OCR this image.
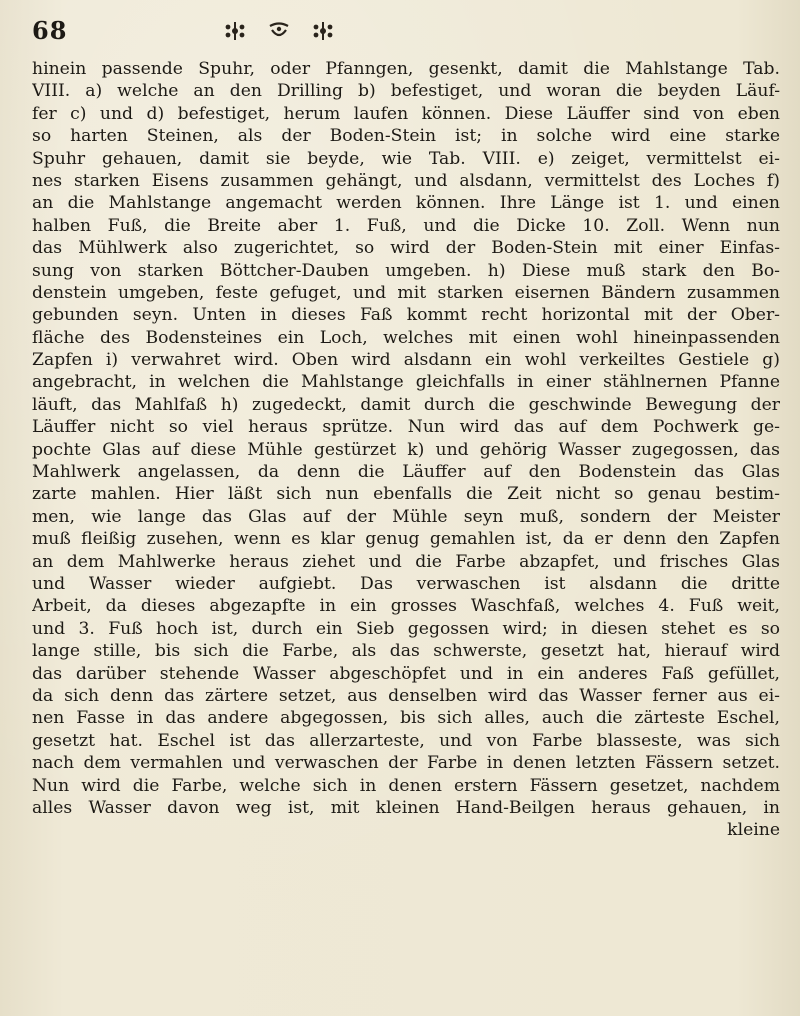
68
hinein passende Spuhr, oder Pfanngen, gesenkt, damit die Mahlstange Tab.
VIII. a) welche an den Drilling b) befestiget, und woran die beyden Läuf-
fer c) und d) befestiget, herum laufen können. Diese Läuffer sind von eben
so harten Steinen, als der Boden-Stein ist; in solche wird eine starke
Spuhr gehauen, damit sie beyde, wie Tab. VIII. e) zeiget, vermittelst ei-
nes starken Eisens zusammen gehängt, und alsdann, vermittelst des Loches f)
an die Mahlstange angemacht werden können. Ihre Länge ist 1. und einen
halben Fuß, die Breite aber 1. Fuß, und die Dicke 10. Zoll. Wenn nun
das Mühlwerk also zugerichtet, so wird der Boden-Stein mit einer Einfas-
sung von starken Böttcher-Dauben umgeben. h) Diese muß stark den Bo-
denstein umgeben, feste gefuget, und mit starken eisernen Bändern zusammen
gebunden seyn. Unten in dieses Faß kommt recht horizontal mit der Ober-
fläche des Bodensteines ein Loch, welches mit einen wohl hineinpassenden
Zapfen i) verwahret wird. Oben wird alsdann ein wohl verkeiltes Gestiele g)
angebracht, in welchen die Mahlstange gleichfalls in einer stählnernen Pfanne
läuft, das Mahlfaß h) zugedeckt, damit durch die geschwinde Bewegung der
Läuffer nicht so viel heraus sprütze. Nun wird das auf dem Pochwerk ge-
pochte Glas auf diese Mühle gestürzet k) und gehörig Wasser zugegossen, das
Mahlwerk angelassen, da denn die Läuffer auf den Bodenstein das Glas
zarte mahlen. Hier läßt sich nun ebenfalls die Zeit nicht so genau bestim-
men, wie lange das Glas auf der Mühle seyn muß, sondern der Meister
muß fleißig zusehen, wenn es klar genug gemahlen ist, da er denn den Zapfen
an dem Mahlwerke heraus ziehet und die Farbe abzapfet, und frisches Glas
und Wasser wieder aufgiebt. Das verwaschen ist alsdann die dritte
Arbeit, da dieses abgezapfte in ein grosses Waschfaß, welches 4. Fuß weit,
und 3. Fuß hoch ist, durch ein Sieb gegossen wird; in diesen stehet es so
lange stille, bis sich die Farbe, als das schwerste, gesetzt hat, hierauf wird
das darüber stehende Wasser abgeschöpfet und in ein anderes Faß gefüllet,
da sich denn das zärtere setzet, aus denselben wird das Wasser ferner aus ei-
nen Fasse in das andere abgegossen, bis sich alles, auch die zärteste Eschel,
gesetzt hat. Eschel ist das allerzarteste, und von Farbe blasseste, was sich
nach dem vermahlen und verwaschen der Farbe in denen letzten Fässern setzet.
Nun wird die Farbe, welche sich in denen erstern Fässern gesetzet, nachdem
alles Wasser davon weg ist, mit kleinen Hand-Beilgen heraus gehauen, in
kleine
